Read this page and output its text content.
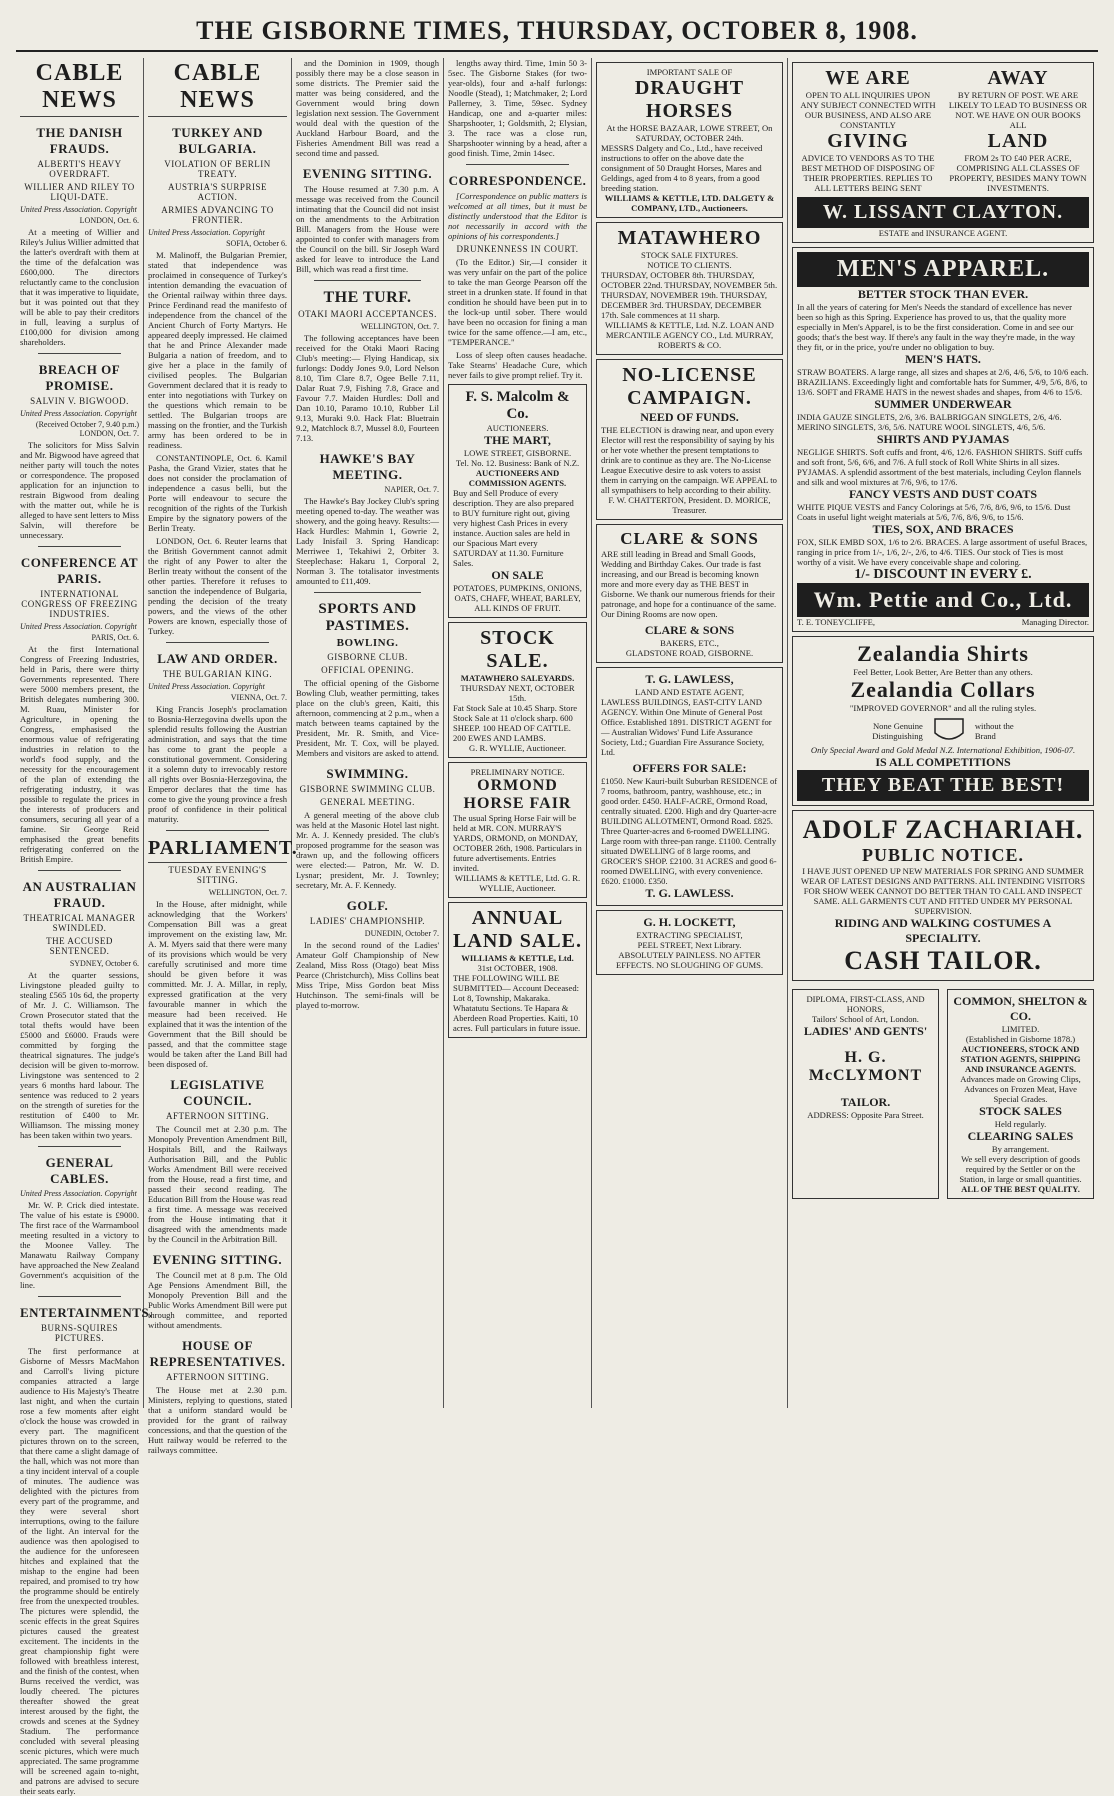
THE GISBORNE TIMES, THURSDAY, OCTOBER 8, 1908.
CABLE NEWS
THE DANISH FRAUDS.
ALBERTI'S HEAVY OVERDRAFT.
WILLIER AND RILEY TO LIQUI-DATE.
United Press Association. Copyright
LONDON, Oct. 6.

At a meeting of Willier and Riley's Julius Willier admitted that the latter's overdraft with them at the time of the defalcation was £600,000. The directors reluctantly came to the conclusion that it was imperative to liquidate, but it was pointed out that they will be able to pay their creditors in full, leaving a surplus of £100,000 for division among shareholders.

BREACH OF PROMISE.
SALVIN V. BIGWOOD.
United Press Association. Copyright
(Received October 7, 9.40 p.m.) LONDON, Oct. 7.

The solicitors for Miss Salvin and Mr. Bigwood have agreed that neither party will touch the notes or correspondence. The proposed application for an injunction to restrain Bigwood from dealing with the matter out, while he is alleged to have sent letters to Miss Salvin, will therefore be unnecessary.

CONFERENCE AT PARIS.
INTERNATIONAL CONGRESS OF FREEZING INDUSTRIES.
United Press Association. Copyright
PARIS, Oct. 6.

At the first International Congress of Freezing Industries, held in Paris, there were thirty Governments represented. There were 5000 members present, the British delegates numbering 300. M. Ruau, Minister for Agriculture, in opening the Congress, emphasised the enormous value of refrigerating industries in relation to the world's food supply, and the necessity for the encouragement of the plan of extending the refrigerating industry, it was possible to regulate the prices in the interests of producers and consumers, securing all year of a famine. Sir George Reid emphasised the great benefits refrigerating conferred on the British Empire.

AN AUSTRALIAN FRAUD.
THEATRICAL MANAGER SWINDLED.
THE ACCUSED SENTENCED.
SYDNEY, October 6.

At the quarter sessions, Livingstone pleaded guilty to stealing £565 10s 6d, the property of Mr. J. C. Williamson. The Crown Prosecutor stated that the total thefts would have been £5000 and £6000. Frauds were committed by forging the theatrical signatures. The judge's decision will be given to-morrow. Livingstone was sentenced to 2 years 6 months hard labour. The sentence was reduced to 2 years on the strength of sureties for the restitution of £400 to Mr. Williamson. The missing money has been taken within two years.

GENERAL CABLES.
United Press Association. Copyright

Mr. W. P. Crick died intestate. The value of his estate is £9000. The first race of the Warrnambool meeting resulted in a victory to the Moonee Valley. The Manawatu Railway Company have approached the New Zealand Government's acquisition of the line.

ENTERTAINMENTS.
BURNS-SQUIRES PICTURES.

The first performance at Gisborne of Messrs MacMahon and Carroll's living picture companies attracted a large audience to His Majesty's Theatre last night, and when the curtain rose a few moments after eight o'clock the house was crowded in every part. The magnificent pictures thrown on to the screen, that there came a slight damage of the hall, which was not more than a tiny incident interval of a couple of minutes. The audience was delighted with the pictures from every part of the programme, and they were several short interruptions, owing to the failure of the light. An interval for the audience was then apologised to the audience for the unforeseen hitches and explained that the mishap to the engine had been repaired, and promised to try how the programme should be entirely free from the unexpected troubles. The pictures were splendid, the scenic effects in the great Squires pictures caused the greatest excitement. The incidents in the great championship fight were followed with breathless interest, and the finish of the contest, when Burns received the verdict, was loudly cheered. The pictures thereafter showed the great interest aroused by the fight, the crowds and scenes at the Sydney Stadium. The performance concluded with several pleasing scenic pictures, which were much appreciated. The same programme will be screened again to-night, and patrons are advised to secure their seats early.

CABLE NEWS
TURKEY AND BULGARIA.
VIOLATION OF BERLIN TREATY.
AUSTRIA'S SURPRISE ACTION.
ARMIES ADVANCING TO FRONTIER.
United Press Association. Copyright
SOFIA, October 6.

M. Malinoff, the Bulgarian Premier, stated that independence was proclaimed in consequence of Turkey's intention demanding the evacuation of the Oriental railway within three days. Prince Ferdinand read the manifesto of independence from the chancel of the Ancient Church of Forty Martyrs. He appeared deeply impressed. He claimed that he and Prince Alexander made Bulgaria a nation of freedom, and to give her a place in the family of civilised peoples. The Bulgarian Government declared that it is ready to enter into negotiations with Turkey on the questions which remain to be settled. The Bulgarian troops are massing on the frontier, and the Turkish army has been ordered to be in readiness.

CONSTANTINOPLE, Oct. 6. Kamil Pasha, the Grand Vizier, states that he does not consider the proclamation of independence a casus belli, but the Porte will endeavour to secure the recognition of the rights of the Turkish Empire by the signatory powers of the Berlin Treaty.

LONDON, Oct. 6. Reuter learns that the British Government cannot admit the right of any Power to alter the Berlin treaty without the consent of the other parties. Therefore it refuses to sanction the independence of Bulgaria, pending the decision of the treaty powers, and the views of the other Powers are known, especially those of Turkey.

LAW AND ORDER.
THE BULGARIAN KING.
United Press Association. Copyright
VIENNA, Oct. 7.

King Francis Joseph's proclamation to Bosnia-Herzegovina dwells upon the splendid results following the Austrian administration, and says that the time has come to grant the people a constitutional government. Considering it a solemn duty to irrevocably restore all rights over Bosnia-Herzegovina, the Emperor declares that the time has come to give the young province a fresh proof of confidence in their political maturity.

PARLIAMENT.
TUESDAY EVENING'S SITTING.
WELLINGTON, Oct. 7.

In the House, after midnight, while acknowledging that the Workers' Compensation Bill was a great improvement on the existing law, Mr. A. M. Myers said that there were many of its provisions which would be very carefully scrutinised and more time should be given before it was committed. Mr. J. A. Millar, in reply, expressed gratification at the very favourable manner in which the measure had been received. He explained that it was the intention of the Government that the Bill should be passed, and that the committee stage would be taken after the Land Bill had been disposed of.

LEGISLATIVE COUNCIL.
AFTERNOON SITTING.

The Council met at 2.30 p.m. The Monopoly Prevention Amendment Bill, Hospitals Bill, and the Railways Authorisation Bill, and the Public Works Amendment Bill were received from the House, read a first time, and passed their second reading. The Education Bill from the House was read a first time. A message was received from the House intimating that it disagreed with the amendments made by the Council in the Arbitration Bill.

EVENING SITTING.

The Council met at 8 p.m. The Old Age Pensions Amendment Bill, the Monopoly Prevention Bill and the Public Works Amendment Bill were put through committee, and reported without amendments.

HOUSE OF REPRESENTATIVES.
AFTERNOON SITTING.

The House met at 2.30 p.m. Ministers, replying to questions, stated that a uniform standard would be provided for the grant of railway concessions, and that the question of the Hutt railway would be referred to the railways committee.

and the Dominion in 1909, though possibly there may be a close season in some districts. The Premier said the matter was being considered, and the Government would bring down legislation next session. The Government would deal with the question of the Auckland Harbour Board, and the Fisheries Amendment Bill was read a second time and passed.

EVENING SITTING.

The House resumed at 7.30 p.m. A message was received from the Council intimating that the Council did not insist on the amendments to the Arbitration Bill. Managers from the House were appointed to confer with managers from the Council on the bill. Sir Joseph Ward asked for leave to introduce the Land Bill, which was read a first time.

THE TURF.
OTAKI MAORI ACCEPTANCES.
WELLINGTON, Oct. 7.

The following acceptances have been received for the Otaki Maori Racing Club's meeting:— Flying Handicap, six furlongs: Doddy Jones 9.0, Lord Nelson 8.10, Tim Clare 8.7, Ogee Belle 7.11, Dalar Ruat 7.9, Fishing 7.8, Grace and Favour 7.7. Maiden Hurdles: Doll and Dan 10.10, Paramo 10.10, Rubber Lil 9.13, Muraki 9.0. Hack Flat: Bluetrain 9.2, Matchlock 8.7, Mussel 8.0, Fourteen 7.13.

HAWKE'S BAY MEETING.
NAPIER, Oct. 7.

The Hawke's Bay Jockey Club's spring meeting opened to-day. The weather was showery, and the going heavy. Results:— Hack Hurdles: Mahmin 1, Gowrie 2, Lady Inisfail 3. Spring Handicap: Merriwee 1, Tekahiwi 2, Orbiter 3. Steeplechase: Hakaru 1, Corporal 2, Norman 3. The totalisator investments amounted to £11,409.

SPORTS AND PASTIMES.
BOWLING.
GISBORNE CLUB.
OFFICIAL OPENING.

The official opening of the Gisborne Bowling Club, weather permitting, takes place on the club's green, Kaiti, this afternoon, commencing at 2 p.m., when a match between teams captained by the President, Mr. R. Smith, and Vice-President, Mr. T. Cox, will be played. Members and visitors are asked to attend.

SWIMMING.
GISBORNE SWIMMING CLUB.
GENERAL MEETING.

A general meeting of the above club was held at the Masonic Hotel last night. Mr. A. J. Kennedy presided. The club's proposed programme for the season was drawn up, and the following officers were elected:— Patron, Mr. W. D. Lysnar; president, Mr. J. Townley; secretary, Mr. A. F. Kennedy.

GOLF.
LADIES' CHAMPIONSHIP.
DUNEDIN, October 7.

In the second round of the Ladies' Amateur Golf Championship of New Zealand, Miss Ross (Otago) beat Miss Pearce (Christchurch), Miss Collins beat Miss Tripe, Miss Gordon beat Miss Hutchinson. The semi-finals will be played to-morrow.

lengths away third. Time, 1min 50 3-5sec. The Gisborne Stakes (for two-year-olds), four and a-half furlongs: Noodle (Stead), 1; Matchmaker, 2; Lord Pallerney, 3. Time, 59sec. Sydney Handicap, one and a-quarter miles: Sharpshooter, 1; Goldsmith, 2; Elysian, 3. The race was a close run, Sharpshooter winning by a head, after a good finish. Time, 2min 14sec.

CORRESPONDENCE.

[Correspondence on public matters is welcomed at all times, but it must be distinctly understood that the Editor is not necessarily in accord with the opinions of his correspondents.]

DRUNKENNESS IN COURT.

(To the Editor.) Sir,—I consider it was very unfair on the part of the police to take the man George Pearson off the street in a drunken state. If found in that condition he should have been put in to the lock-up until sober. There would have been no occasion for fining a man twice for the same offence.—I am, etc., "TEMPERANCE."

Loss of sleep often causes headache. Take Stearns' Headache Cure, which never fails to give prompt relief. Try it.

F. S. Malcolm & Co.
AUCTIONEERS.
THE MART,
LOWE STREET, GISBORNE.
Tel. No. 12. Business: Bank of N.Z.
AUCTIONEERS AND COMMISSION AGENTS.
Buy and Sell Produce of every description. They are also prepared to BUY furniture right out, giving very highest Cash Prices in every instance. Auction sales are held in our Spacious Mart every SATURDAY at 11.30. Furniture Sales.
ON SALE
POTATOES, PUMPKINS, ONIONS, OATS, CHAFF, WHEAT, BARLEY, ALL KINDS OF FRUIT.
STOCK SALE.
MATAWHERO SALEYARDS.
THURSDAY NEXT, OCTOBER 15th.
Fat Stock Sale at 10.45 Sharp. Store Stock Sale at 11 o'clock sharp. 600 SHEEP. 100 HEAD OF CATTLE. 200 EWES AND LAMBS.
G. R. WYLLIE, Auctioneer.
PRELIMINARY NOTICE.
ORMOND HORSE FAIR
The usual Spring Horse Fair will be held at MR. CON. MURRAY'S YARDS, ORMOND, on MONDAY, OCTOBER 26th, 1908. Particulars in future advertisements. Entries invited.
WILLIAMS & KETTLE, Ltd. G. R. WYLLIE, Auctioneer.
ANNUAL LAND SALE.
WILLIAMS & KETTLE, Ltd.
31st OCTOBER, 1908.
THE FOLLOWING WILL BE SUBMITTED— Account Deceased: Lot 8, Township, Makaraka. Whatatutu Sections. Te Hapara & Aberdeen Road Properties. Kaiti, 10 acres. Full particulars in future issue.
IMPORTANT SALE OF
DRAUGHT HORSES
At the HORSE BAZAAR, LOWE STREET, On SATURDAY, OCTOBER 24th.
MESSRS Dalgety and Co., Ltd., have received instructions to offer on the above date the consignment of 50 Draught Horses, Mares and Geldings, aged from 4 to 8 years, from a good breeding station.
WILLIAMS & KETTLE, LTD. DALGETY & COMPANY, LTD., Auctioneers.
MATAWHERO
STOCK SALE FIXTURES.
NOTICE TO CLIENTS.
THURSDAY, OCTOBER 8th. THURSDAY, OCTOBER 22nd. THURSDAY, NOVEMBER 5th. THURSDAY, NOVEMBER 19th. THURSDAY, DECEMBER 3rd. THURSDAY, DECEMBER 17th. Sale commences at 11 sharp.
WILLIAMS & KETTLE, Ltd. N.Z. LOAN AND MERCANTILE AGENCY CO., Ltd. MURRAY, ROBERTS & CO.
NO-LICENSE CAMPAIGN.
NEED OF FUNDS.
THE ELECTION is drawing near, and upon every Elector will rest the responsibility of saying by his or her vote whether the present temptations to drink are to continue as they are. The No-License League Executive desire to ask voters to assist them in carrying on the campaign. WE APPEAL to all sympathisers to help according to their ability.
F. W. CHATTERTON, President. D. MORICE, Treasurer.
CLARE & SONS
ARE still leading in Bread and Small Goods, Wedding and Birthday Cakes. Our trade is fast increasing, and our Bread is becoming known more and more every day as THE BEST in Gisborne. We thank our numerous friends for their patronage, and hope for a continuance of the same. Our Dining Rooms are now open.
CLARE & SONS
BAKERS, ETC.,
GLADSTONE ROAD, GISBORNE.
T. G. LAWLESS,
LAND AND ESTATE AGENT,
LAWLESS BUILDINGS, EAST-CITY LAND AGENCY. Within One Minute of General Post Office. Established 1891. DISTRICT AGENT for— Australian Widows' Fund Life Assurance Society, Ltd.; Guardian Fire Assurance Society, Ltd.
OFFERS FOR SALE:
£1050. New Kauri-built Suburban RESIDENCE of 7 rooms, bathroom, pantry, washhouse, etc.; in good order. £450. HALF-ACRE, Ormond Road, centrally situated. £200. High and dry Quarter-acre BUILDING ALLOTMENT, Ormond Road. £825. Three Quarter-acres and 6-roomed DWELLING. Large room with three-pan range. £1100. Centrally situated DWELLING of 8 large rooms, and GROCER'S SHOP. £2100. 31 ACRES and good 6-roomed DWELLING, with every convenience. £620. £1000. £350.
T. G. LAWLESS.
G. H. LOCKETT,
EXTRACTING SPECIALIST,
PEEL STREET, Next Library.
ABSOLUTELY PAINLESS. NO AFTER EFFECTS. NO SLOUGHING OF GUMS.
WE ARE
OPEN TO ALL INQUIRIES UPON ANY SUBJECT CONNECTED WITH OUR BUSINESS, AND ALSO ARE CONSTANTLY
GIVING
ADVICE TO VENDORS AS TO THE BEST METHOD OF DISPOSING OF THEIR PROPERTIES. REPLIES TO ALL LETTERS BEING SENT
AWAY
BY RETURN OF POST. WE ARE LIKELY TO LEAD TO BUSINESS OR NOT. WE HAVE ON OUR BOOKS ALL
LAND
FROM 2s TO £40 PER ACRE, COMPRISING ALL CLASSES OF PROPERTY, BESIDES MANY TOWN INVESTMENTS.
W. LISSANT CLAYTON.
ESTATE and INSURANCE AGENT.
MEN'S APPAREL.
BETTER STOCK THAN EVER.
In all the years of catering for Men's Needs the standard of excellence has never been so high as this Spring. Experience has proved to us, that the quality more especially in Men's Apparel, is to be the first consideration. Come in and see our goods; that's the best way. If there's any fault in the way they're made, in the way they fit, or in the price, you're under no obligation to buy.
MEN'S HATS.
STRAW BOATERS. A large range, all sizes and shapes at 2/6, 4/6, 5/6, to 10/6 each. BRAZILIANS. Exceedingly light and comfortable hats for Summer, 4/9, 5/6, 8/6, to 13/6. SOFT and FRAME HATS in the newest shades and shapes, from 4/6 to 15/6.
SUMMER UNDERWEAR
INDIA GAUZE SINGLETS, 2/6, 3/6. BALBRIGGAN SINGLETS, 2/6, 4/6. MERINO SINGLETS, 3/6, 5/6. NATURE WOOL SINGLETS, 4/6, 5/6.
SHIRTS AND PYJAMAS
NEGLIGE SHIRTS. Soft cuffs and front, 4/6, 12/6. FASHION SHIRTS. Stiff cuffs and soft front, 5/6, 6/6, and 7/6. A full stock of Roll White Shirts in all sizes. PYJAMAS. A splendid assortment of the best materials, including Ceylon flannels and silk and wool mixtures at 7/6, 9/6, to 17/6.
FANCY VESTS AND DUST COATS
WHITE PIQUE VESTS and Fancy Colorings at 5/6, 7/6, 8/6, 9/6, to 15/6. Dust Coats in useful light weight materials at 5/6, 7/6, 8/6, 9/6, to 15/6.
TIES, SOX, AND BRACES
FOX, SILK EMBD SOX, 1/6 to 2/6. BRACES. A large assortment of useful Braces, ranging in price from 1/-, 1/6, 2/-, 2/6, to 4/6. TIES. Our stock of Ties is most worthy of a visit. We have every conceivable shape and coloring.
1/- DISCOUNT IN EVERY £.
Wm. Pettie and Co., Ltd.
T. E. TONEYCLIFFE,	Managing Director.
Zealandia Shirts
Feel Better, Look Better, Are Better than any others.
Zealandia Collars
"IMPROVED GOVERNOR" and all the ruling styles.
None Genuine
Distinguishing
without the
Brand
Only Special Award and Gold Medal N.Z. International Exhibition, 1906-07.
IS ALL COMPETITIONS
THEY BEAT THE BEST!
ADOLF ZACHARIAH.
PUBLIC NOTICE.
I HAVE JUST OPENED UP NEW MATERIALS FOR SPRING AND SUMMER WEAR OF LATEST DESIGNS AND PATTERNS. ALL INTENDING VISITORS FOR SHOW WEEK CANNOT DO BETTER THAN TO CALL AND INSPECT SAME. ALL GARMENTS CUT AND FITTED UNDER MY PERSONAL SUPERVISION.
RIDING AND WALKING COSTUMES A SPECIALITY.
CASH TAILOR.
DIPLOMA, FIRST-CLASS, AND HONORS,
Tailors' School of Art, London.
LADIES' AND GENTS'
H. G. McCLYMONT
TAILOR.
ADDRESS: Opposite Para Street.
COMMON, SHELTON & CO.
LIMITED.
(Established in Gisborne 1878.)
AUCTIONEERS, STOCK AND STATION AGENTS, SHIPPING AND INSURANCE AGENTS.
Advances made on Growing Clips, Advances on Frozen Meat, Have Special Grades.
STOCK SALES
Held regularly.
CLEARING SALES
By arrangement.
We sell every description of goods required by the Settler or on the Station, in large or small quantities.
ALL OF THE BEST QUALITY.
